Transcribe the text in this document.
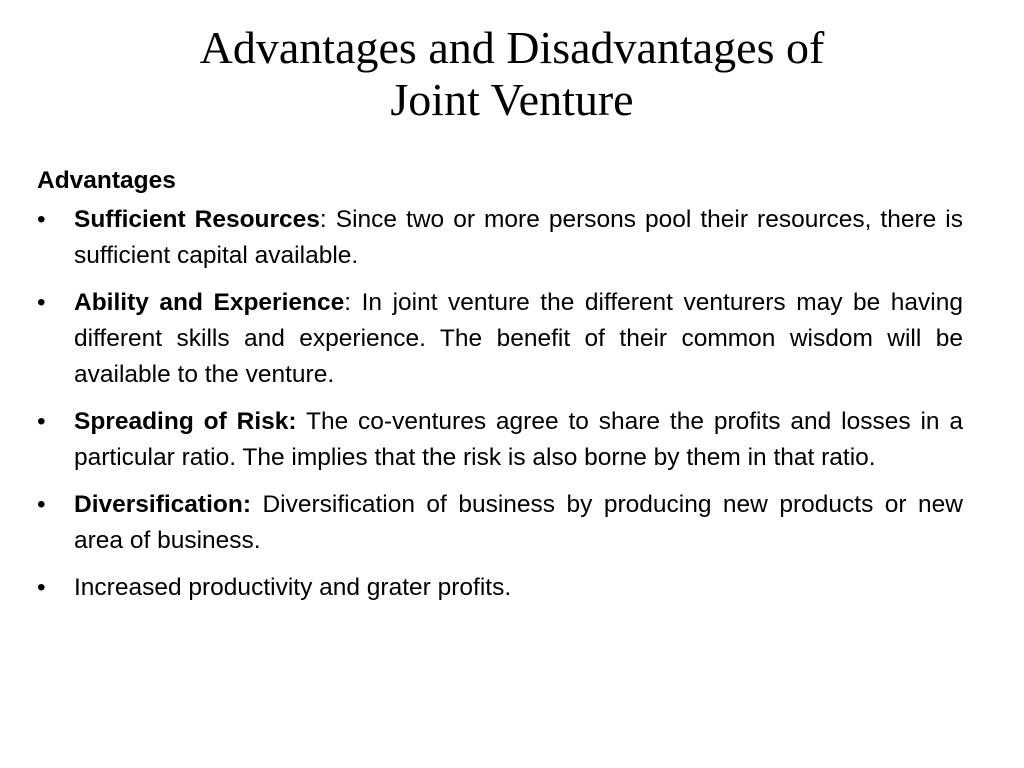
Advantages and Disadvantages of
Joint Venture
Advantages
• Sufficient Resources: Since two or more persons pool their resources, there is sufficient capital available.
• Ability and Experience: In joint venture the different venturers may be having different skills and experience. The benefit of their common wisdom will be available to the venture.
• Spreading of Risk: The co-ventures agree to share the profits and losses in a particular ratio. The implies that the risk is also borne by them in that ratio.
• Diversification: Diversification of business by producing new products or new area of business.
• Increased productivity and grater profits.
